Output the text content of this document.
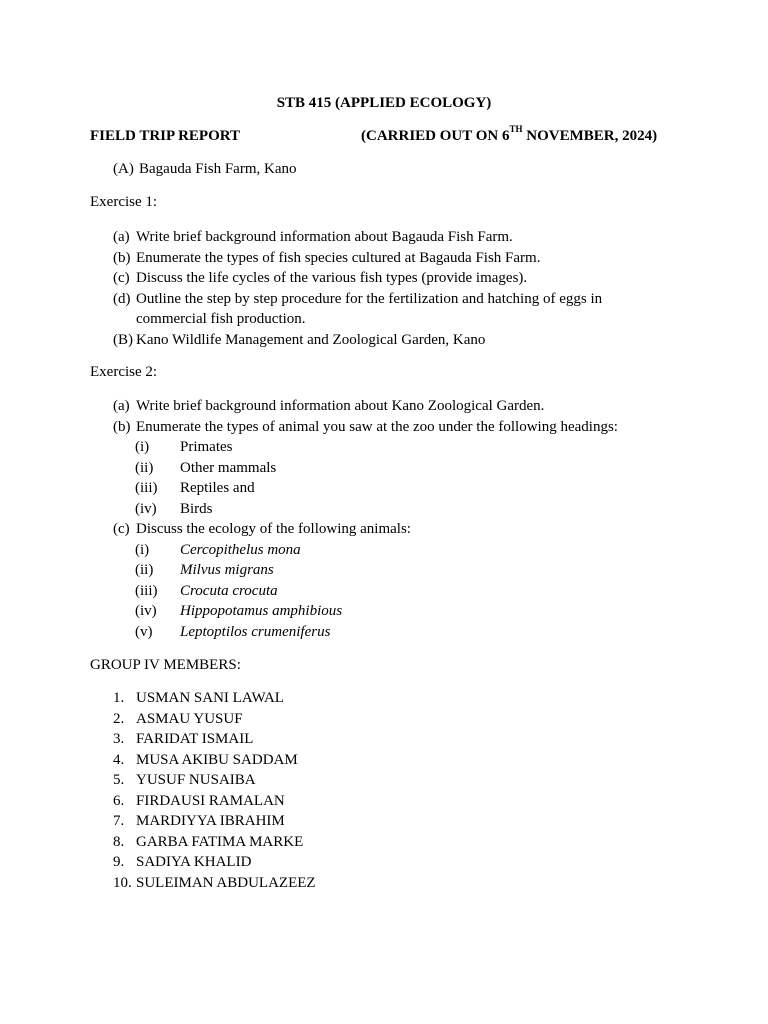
STB 415 (APPLIED ECOLOGY)
FIELD TRIP REPORT	(CARRIED OUT ON 6TH NOVEMBER, 2024)
(A) Bagauda Fish Farm, Kano
Exercise 1:
(a) Write brief background information about Bagauda Fish Farm.
(b) Enumerate the types of fish species cultured at Bagauda Fish Farm.
(c) Discuss the life cycles of the various fish types (provide images).
(d) Outline the step by step procedure for the fertilization and hatching of eggs in
commercial fish production.
(B) Kano Wildlife Management and Zoological Garden, Kano
Exercise 2:
(a) Write brief background information about Kano Zoological Garden.
(b) Enumerate the types of animal you saw at the zoo under the following headings:
(i)	Primates
(ii)	Other mammals
(iii)	Reptiles and
(iv)	Birds
(c) Discuss the ecology of the following animals:
(i)	Cercopithelus mona
(ii)	Milvus migrans
(iii)	Crocuta crocuta
(iv)	Hippopotamus amphibious
(v)	Leptoptilos crumeniferus
GROUP IV MEMBERS:
1. USMAN SANI LAWAL
2. ASMAU YUSUF
3. FARIDAT ISMAIL
4. MUSA AKIBU SADDAM
5. YUSUF NUSAIBA
6. FIRDAUSI RAMALAN
7. MARDIYYA IBRAHIM
8. GARBA FATIMA MARKE
9. SADIYA KHALID
10. SULEIMAN ABDULAZEEZ
